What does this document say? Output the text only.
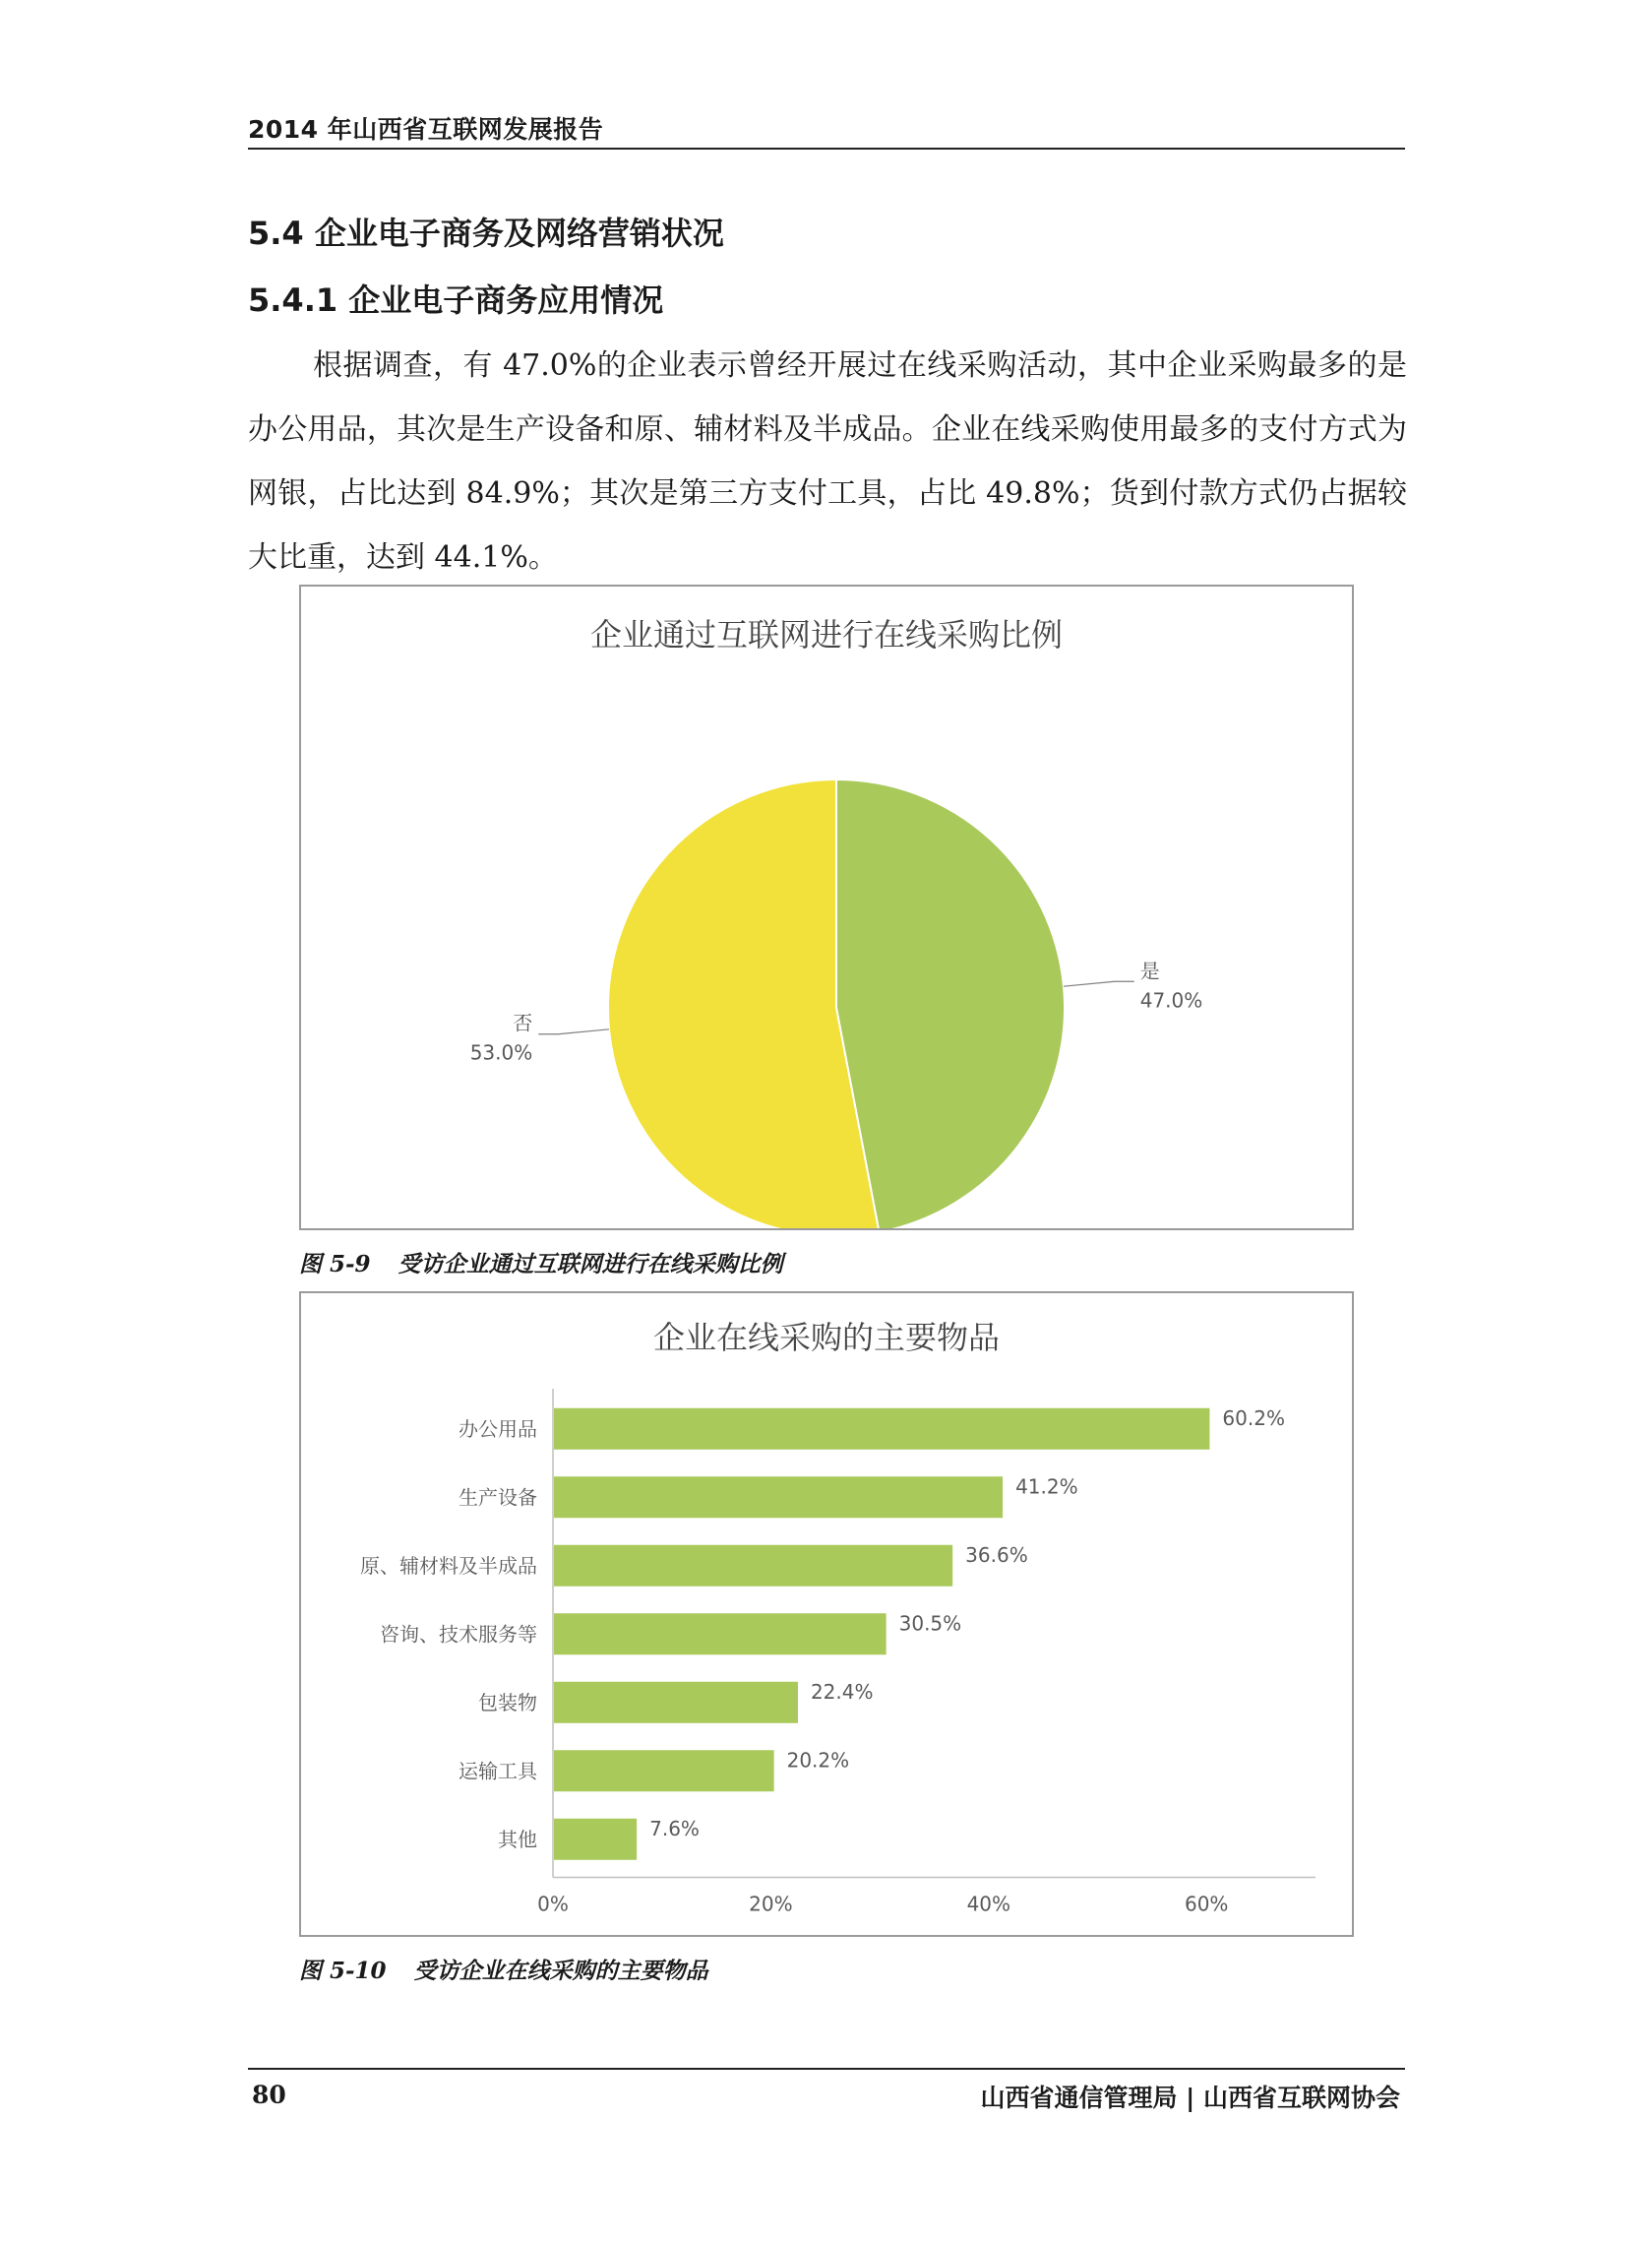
2014 年山西省互联网发展报告
5.4 企业电子商务及网络营销状况
5.4.1 企业电子商务应用情况
根据调查，有 47.0%的企业表示曾经开展过在线采购活动，其中企业采购最多的是办公用品，其次是生产设备和原、辅材料及半成品。企业在线采购使用最多的支付方式为网银，占比达到 84.9%；其次是第三方支付工具，占比 49.8%；货到付款方式仍占据较大比重，达到 44.1%。
企业通过互联网进行在线采购比例
是
47.0%
否
53.0%
图 5-9 受访企业通过互联网进行在线采购比例
企业在线采购的主要物品
办公用品	60.2%
生产设备	41.2%
原、辅材料及半成品	36.6%
咨询、技术服务等	30.5%
包装物	22.4%
运输工具	20.2%
其他	7.6%
0%	20%	40%	60%
图 5-10 受访企业在线采购的主要物品
80	山西省通信管理局 | 山西省互联网协会
